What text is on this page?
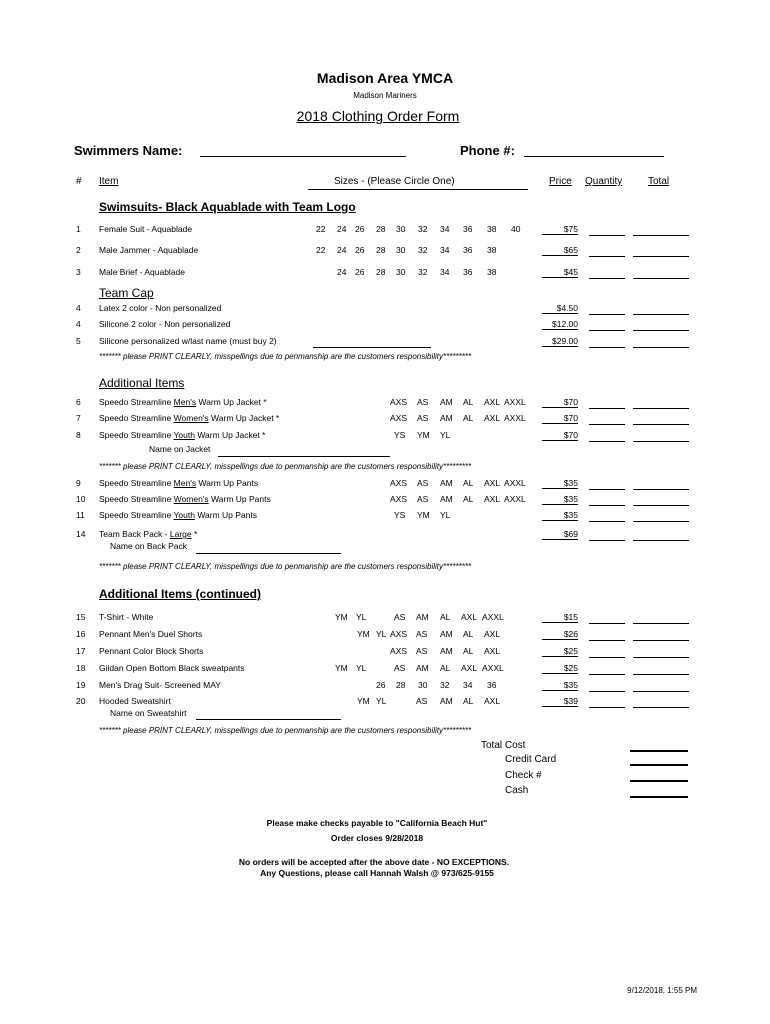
Madison Area YMCA
Madison Mariners
2018 Clothing Order Form
Swimmers Name:	Phone #:
# Item	Sizes - (Please Circle One)	Price Quantity	Total
Swimsuits- Black Aquablade with Team Logo
1 Female Suit - Aquablade	22 24 26 28 30 32 34 36 38 40	$75
2 Male Jammer - Aquablade	22 24 26 28 30 32 34 36 38	$65
3 Male Brief - Aquablade	24 26 28 30 32 34 36 38	$45
4 Latex 2 color - Non personalized	$4.50
4 Silicone 2 color - Non personalized	$12.00
5 Silicone personalized w/last name (must buy 2)	$29.00
6 Speedo Streamline Men's Warm Up Jacket *	AXS AS AM AL AXL AXXL	$70
7 Speedo Streamline Women's Warm Up Jacket *	AXS AS AM AL AXL AXXL	$70
8 Speedo Streamline Youth Warm Up Jacket *	YS YM YL	$70
Name on Jacket
9 Speedo Streamline Men's Warm Up Pants	AXS AS AM AL AXL AXXL	$35
10 Speedo Streamline Women's Warm Up Pants	AXS AS AM AL AXL AXXL	$35
11 Speedo Streamline Youth Warm Up Pants	YS YM YL	$35
14 Team Back Pack - Large *	$69
Name on Back Pack
15 T-Shirt - White	YM YL	AS AM AL AXL AXXL	$15
16 Pennant Men's Duel Shorts	YM YL AXS AS AM AL AXL	$26
17 Pennant Color Block Shorts	AXS AS AM AL AXL	$25
18 Gildan Open Bottom Black sweatpants	YM YL	AS AM AL AXL AXXL	$25
19 Men's Drag Suit- Screened MAY	26 28 30 32 34 36	$35
20 Hooded Sweatshirt	YM YL	AS AM AL AXL	$39
Name on Sweatshirt
Team Cap
******* please PRINT CLEARLY, misspellings due to penmanship are the customers responsibility*********
Additional Items
******* please PRINT CLEARLY, misspellings due to penmanship are the customers responsibility*********
******* please PRINT CLEARLY, misspellings due to penmanship are the customers responsibility*********
Additional Items (continued)
******* please PRINT CLEARLY, misspellings due to penmanship are the customers responsibility*********
Total Cost
Credit Card
Check #
Cash
Please make checks payable to "California Beach Hut"
Order closes 9/28/2018
No orders will be accepted after the above date - NO EXCEPTIONS.
Any Questions, please call Hannah Walsh @ 973/625-9155
9/12/2018, 1:55 PM
